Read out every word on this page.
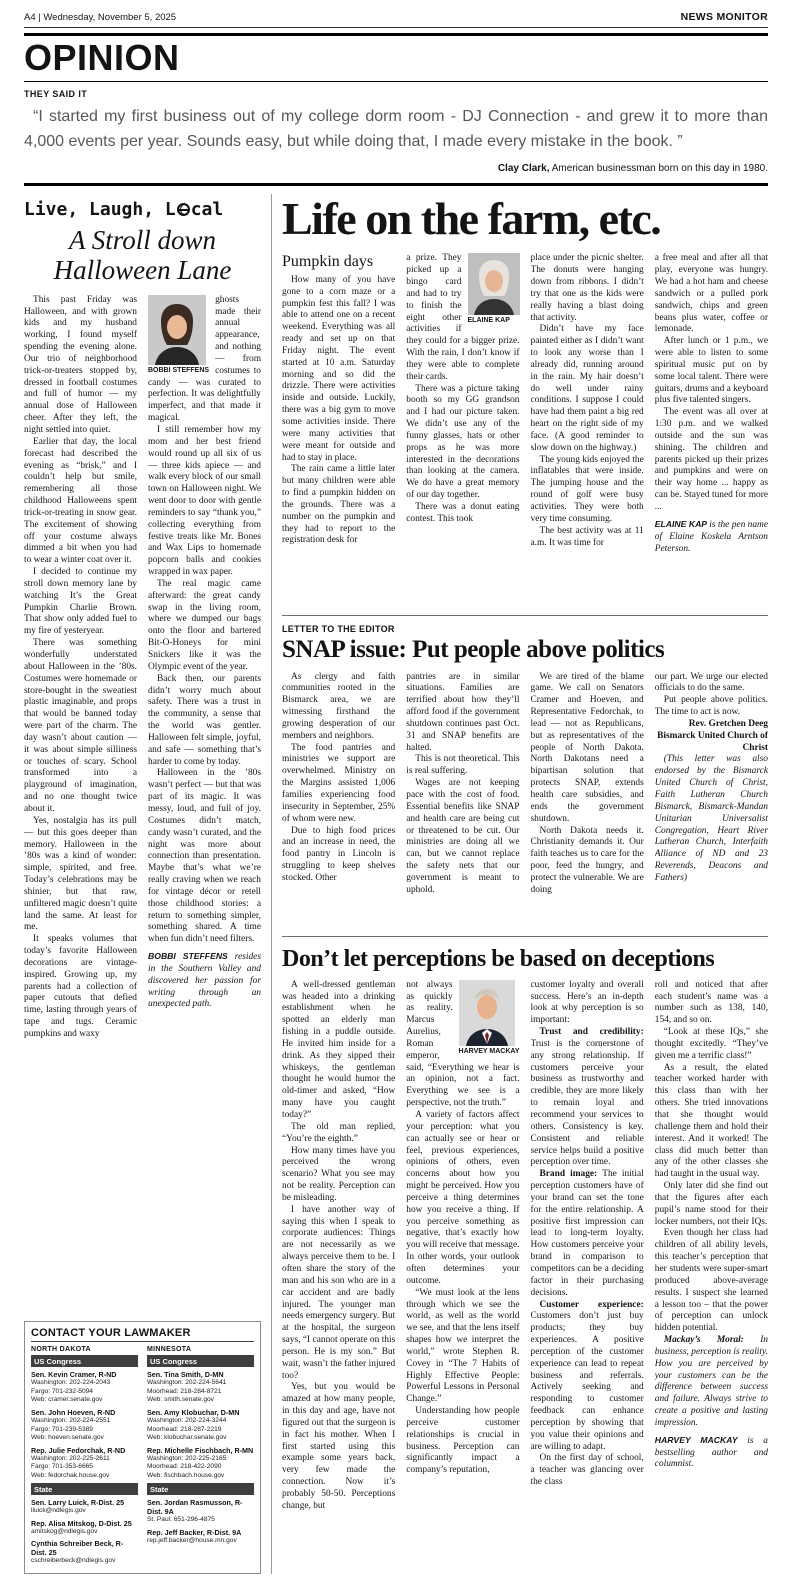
A4 | Wednesday, November 5, 2025	NEWS MONITOR
OPINION
THEY SAID IT

“I started my first business out of my college dorm room - DJ Connection - and grew it to more than 4,000 events per year. Sounds easy, but while doing that, I made every mistake in the book. ”

Clay Clark, American businessman born on this day in 1980.

Live, Laugh, L cal
A Stroll down Halloween Lane

This past Friday was Halloween, and with grown kids and my husband working, I found myself spending the evening alone. Our trio of neighborhood trick-or-treaters stopped by, dressed in football costumes and full of humor — my annual dose of Halloween cheer. After they left, the night settled into quiet.

Earlier that day, the local forecast had described the evening as “brisk,” and I couldn’t help but smile, remembering all those childhood Halloweens spent trick-or-treating in snow gear. The excitement of showing off your costume always dimmed a bit when you had to wear a winter coat over it.

I decided to continue my stroll down memory lane by watching It’s the Great Pumpkin Charlie Brown. That show only added fuel to my fire of yesteryear.

There was something wonderfully understated about Halloween in the ’80s. Costumes were homemade or store-bought in the sweatiest plastic imaginable, and props that would be banned today were part of the charm. The day wasn’t about caution — it was about simple silliness or touches of scary. School transformed into a playground of imagination, and no one thought twice about it.

Yes, nostalgia has its pull — but this goes deeper than memory. Halloween in the ’80s was a kind of wonder: simple, spirited, and free. Today’s celebrations may be shinier, but that raw, unfiltered magic doesn’t quite land the same. At least for me.

It speaks volumes that today’s favorite Halloween decorations are vintage-inspired. Growing up, my parents had a collection of paper cutouts that defied time, lasting through years of tape and tugs. Ceramic pumpkins and waxy

BOBBI STEFFENS

ghosts made their annual appearance, and nothing — from costumes to candy — was curated to perfection. It was delightfully imperfect, and that made it magical.

I still remember how my mom and her best friend would round up all six of us — three kids apiece — and walk every block of our small town on Halloween night. We went door to door with gentle reminders to say “thank you,” collecting everything from festive treats like Mr. Bones and Wax Lips to homemade popcorn balls and cookies wrapped in wax paper.

The real magic came afterward: the great candy swap in the living room, where we dumped our bags onto the floor and bartered Bit-O-Honeys for mini Snickers like it was the Olympic event of the year.

Back then, our parents didn’t worry much about safety. There was a trust in the community, a sense that the world was gentler. Halloween felt simple, joyful, and safe — something that’s harder to come by today.

Halloween in the ’80s wasn’t perfect — but that was part of its magic. It was messy, loud, and full of joy. Costumes didn’t match, candy wasn’t curated, and the night was more about connection than presentation. Maybe that’s what we’re really craving when we reach for vintage décor or retell those childhood stories: a return to something simpler, something shared. A time when fun didn’t need filters.

BOBBI STEFFENS resides in the Southern Valley and discovered her passion for writing through an unexpected path.

CONTACT YOUR LAWMAKER
NORTH DAKOTA
US Congress
Sen. Kevin Cramer, R-ND
Washington: 202-224-2043
Fargo: 701-232-5094
Web: cramer.senate.gov
Sen. John Hoeven, R-ND
Washington: 202-224-2551
Fargo: 701-239-5389
Web: hoeven.senate.gov
Rep. Julie Fedorchak, R-ND
Washington: 202-225-2611
Fargo: 701-353-6665
Web: fedorchak.house.gov
State
Sen. Larry Luick, R-Dist. 25
lluick@ndlegis.gov
Rep. Alisa Mitskog, D-Dist. 25
amitskog@ndlegis.gov
Cynthia Schreiber Beck, R-Dist. 25
cschreiberbeck@ndlegis.gov
MINNESOTA
US Congress
Sen. Tina Smith, D-MN
Washington: 202-224-5641
Moorhead: 218-284-8721
Web: smith.senate.gov
Sen. Amy Klobuchar, D-MN
Washington: 202-224-3244
Moorhead: 218-287-2219
Web: klobuchar.senate.gov
Rep. Michelle Fischbach, R-MN
Washington: 202-225-2165
Moorhead: 218-422-2090
Web: fischbach.house.gov
State
Sen. Jordan Rasmusson, R-Dist. 9A
St. Paul: 651-296-4875
Rep. Jeff Backer, R-Dist. 9A
rep.jeff.backer@house.mn.gov
Life on the farm, etc.
Pumpkin days

How many of you have gone to a corn maze or a pumpkin fest this fall? I was able to attend one on a recent weekend. Everything was all ready and set up on that Friday night. The event started at 10 a.m. Saturday morning and so did the drizzle. There were activities inside and outside. Luckily, there was a big gym to move some activities inside. There were many activities that were meant for outside and had to stay in place.

The rain came a little later but many children were able to find a pumpkin hidden on the grounds. There was a number on the pumpkin and they had to report to the registration desk for

ELAINE KAP

a prize. They picked up a bingo card and had to try to finish the eight other activities if they could for a bigger prize. With the rain, I don’t know if they were able to complete their cards.

There was a picture taking booth so my GG grandson and I had our picture taken. We didn’t use any of the funny glasses, hats or other props as he was more interested in the decorations than looking at the camera. We do have a great memory of our day together.

There was a donut eating contest. This took

place under the picnic shelter. The donuts were hanging down from ribbons. I didn’t try that one as the kids were really having a blast doing that activity.

Didn’t have my face painted either as I didn’t want to look any worse than I already did, running around in the rain. My hair doesn’t do well under rainy conditions. I suppose I could have had them paint a big red heart on the right side of my face. (A good reminder to slow down on the highway.)

The young kids enjoyed the inflatables that were inside. The jumping house and the round of golf were busy activities. They were both very time consuming.

The best activity was at 11 a.m. It was time for

a free meal and after all that play, everyone was hungry. We had a hot ham and cheese sandwich or a pulled pork sandwich, chips and green beans plus water, coffee or lemonade.

After lunch or 1 p.m., we were able to listen to some spiritual music put on by some local talent. There were guitars, drums and a keyboard plus five talented singers.

The event was all over at 1:30 p.m. and we walked outside and the sun was shining. The children and parents picked up their prizes and pumpkins and were on their way home ... happy as can be. Stayed tuned for more ...

ELAINE KAP is the pen name of Elaine Koskela Arntson Peterson.

LETTER TO THE EDITOR
SNAP issue: Put people above politics

As clergy and faith communities rooted in the Bismarck area, we are witnessing firsthand the growing desperation of our members and neighbors.

The food pantries and ministries we support are overwhelmed. Ministry on the Margins assisted 1,006 families experiencing food insecurity in September, 25% of whom were new.

Due to high food prices and an increase in need, the food pantry in Lincoln is struggling to keep shelves stocked. Other

pantries are in similar situations. Families are terrified about how they’ll afford food if the government shutdown continues past Oct. 31 and SNAP benefits are halted.

This is not theoretical. This is real suffering.

Wages are not keeping pace with the cost of food. Essential benefits like SNAP and health care are being cut or threatened to be cut. Our ministries are doing all we can, but we cannot replace the safety nets that our government is meant to uphold.

We are tired of the blame game. We call on Senators Cramer and Hoeven, and Representative Fedorchak, to lead — not as Republicans, but as representatives of the people of North Dakota. North Dakotans need a bipartisan solution that protects SNAP, extends health care subsidies, and ends the government shutdown.

North Dakota needs it. Christianity demands it. Our faith teaches us to care for the poor, feed the hungry, and protect the vulnerable. We are doing

our part. We urge our elected officials to do the same.

Put people above politics. The time to act is now.

Rev. Gretchen Deeg

Bismarck United Church of Christ

(This letter was also endorsed by the Bismarck United Church of Christ, Faith Lutheran Church Bismarck, Bismarck-Mandan Unitarian Universalist Congregation, Heart River Lutheran Church, Interfaith Alliance of ND and 23 Reverends, Deacons and Fathers)

Don’t let perceptions be based on deceptions

A well-dressed gentleman was headed into a drinking establishment when he spotted an elderly man fishing in a puddle outside. He invited him inside for a drink. As they sipped their whiskeys, the gentleman thought he would humor the old-timer and asked, “How many have you caught today?”

The old man replied, “You’re the eighth.”

How many times have you perceived the wrong scenario? What you see may not be reality. Perception can be misleading.

I have another way of saying this when I speak to corporate audiences: Things are not necessarily as we always perceive them to be. I often share the story of the man and his son who are in a car accident and are badly injured. The younger man needs emergency surgery. But at the hospital, the surgeon says, “I cannot operate on this person. He is my son.” But wait, wasn’t the father injured too?

Yes, but you would be amazed at how many people, in this day and age, have not figured out that the surgeon is in fact his mother. When I first started using this example some years back, very few made the connection. Now it’s probably 50-50. Perceptions change, but

HARVEY MACKAY

not always as quickly as reality. Marcus Aurelius, Roman emperor, said, “Everything we hear is an opinion, not a fact. Everything we see is a perspective, not the truth.”

A variety of factors affect your perception: what you can actually see or hear or feel, previous experiences, opinions of others, even concerns about how you might be perceived. How you perceive a thing determines how you receive a thing. If you perceive something as negative, that’s exactly how you will receive that message. In other words, your outlook often determines your outcome.

“We must look at the lens through which we see the world, as well as the world we see, and that the lens itself shapes how we interpret the world,” wrote Stephen R. Covey in “The 7 Habits of Highly Effective People: Powerful Lessons in Personal Change.”

Understanding how people perceive customer relationships is crucial in business. Perception can significantly impact a company’s reputation,

customer loyalty and overall success. Here’s an in-depth look at why perception is so important:

Trust and credibility: Trust is the cornerstone of any strong relationship. If customers perceive your business as trustworthy and credible, they are more likely to remain loyal and recommend your services to others. Consistency is key. Consistent and reliable service helps build a positive perception over time.

Brand image: The initial perception customers have of your brand can set the tone for the entire relationship. A positive first impression can lead to long-term loyalty. How customers perceive your brand in comparison to competitors can be a deciding factor in their purchasing decisions.

Customer experience: Customers don’t just buy products; they buy experiences. A positive perception of the customer experience can lead to repeat business and referrals. Actively seeking and responding to customer feedback can enhance perception by showing that you value their opinions and are willing to adapt.

On the first day of school, a teacher was glancing over the class

roll and noticed that after each student’s name was a number such as 138, 140, 154, and so on.

“Look at these IQs,” she thought excitedly. “They’ve given me a terrific class!”

As a result, the elated teacher worked harder with this class than with her others. She tried innovations that she thought would challenge them and hold their interest. And it worked! The class did much better than any of the other classes she had taught in the usual way.

Only later did she find out that the figures after each pupil’s name stood for their locker numbers, not their IQs.

Even though her class had children of all ability levels, this teacher’s perception that her students were super-smart produced above-average results. I suspect she learned a lesson too – that the power of perception can unlock hidden potential.

Mackay’s Moral: In business, perception is reality. How you are perceived by your customers can be the difference between success and failure. Always strive to create a positive and lasting impression.

HARVEY MACKAY is a bestselling author and columnist.
